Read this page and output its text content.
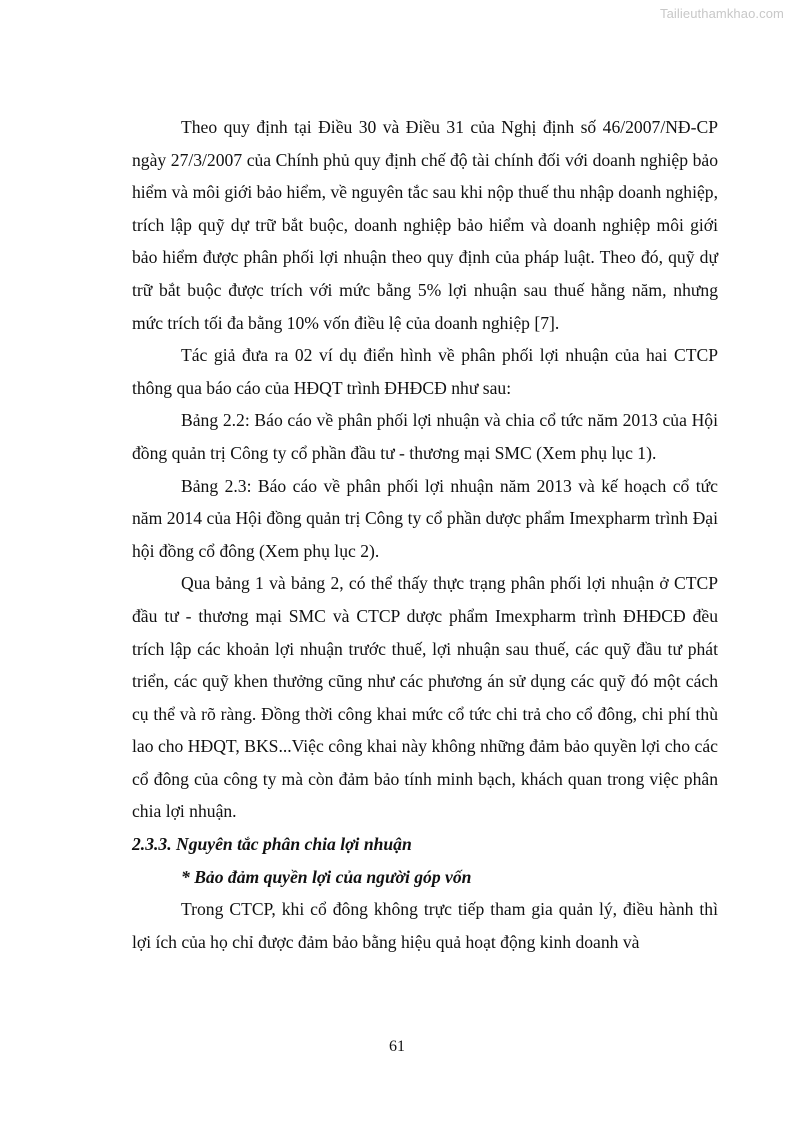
Tailieuthamkhao.com

Theo quy định tại Điều 30 và Điều 31 của Nghị định số 46/2007/NĐ-CP ngày 27/3/2007 của Chính phủ quy định chế độ tài chính đối với doanh nghiệp bảo hiểm và môi giới bảo hiểm, về nguyên tắc sau khi nộp thuế thu nhập doanh nghiệp, trích lập quỹ dự trữ bắt buộc, doanh nghiệp bảo hiểm và doanh nghiệp môi giới bảo hiểm được phân phối lợi nhuận theo quy định của pháp luật. Theo đó, quỹ dự trữ bắt buộc được trích với mức bằng 5% lợi nhuận sau thuế hằng năm, nhưng mức trích tối đa bằng 10% vốn điều lệ của doanh nghiệp [7].

Tác giả đưa ra 02 ví dụ điển hình về phân phối lợi nhuận của hai CTCP thông qua báo cáo của HĐQT trình ĐHĐCĐ như sau:

Bảng 2.2: Báo cáo về phân phối lợi nhuận và chia cổ tức năm 2013 của Hội đồng quản trị Công ty cổ phần đầu tư - thương mại SMC (Xem phụ lục 1).

Bảng 2.3: Báo cáo về phân phối lợi nhuận năm 2013 và kế hoạch cổ tức năm 2014 của Hội đồng quản trị Công ty cổ phần dược phẩm Imexpharm trình Đại hội đồng cổ đông (Xem phụ lục 2).

Qua bảng 1 và bảng 2, có thể thấy thực trạng phân phối lợi nhuận ở CTCP đầu tư - thương mại SMC và CTCP dược phẩm Imexpharm trình ĐHĐCĐ đều trích lập các khoản lợi nhuận trước thuế, lợi nhuận sau thuế, các quỹ đầu tư phát triển, các quỹ khen thưởng cũng như các phương án sử dụng các quỹ đó một cách cụ thể và rõ ràng. Đồng thời công khai mức cổ tức chi trả cho cổ đông, chi phí thù lao cho HĐQT, BKS...Việc công khai này không những đảm bảo quyền lợi cho các cổ đông của công ty mà còn đảm bảo tính minh bạch, khách quan trong việc phân chia lợi nhuận.

2.3.3. Nguyên tắc phân chia lợi nhuận

* Bảo đảm quyền lợi của người góp vốn

Trong CTCP, khi cổ đông không trực tiếp tham gia quản lý, điều hành thì lợi ích của họ chỉ được đảm bảo bằng hiệu quả hoạt động kinh doanh và

61
